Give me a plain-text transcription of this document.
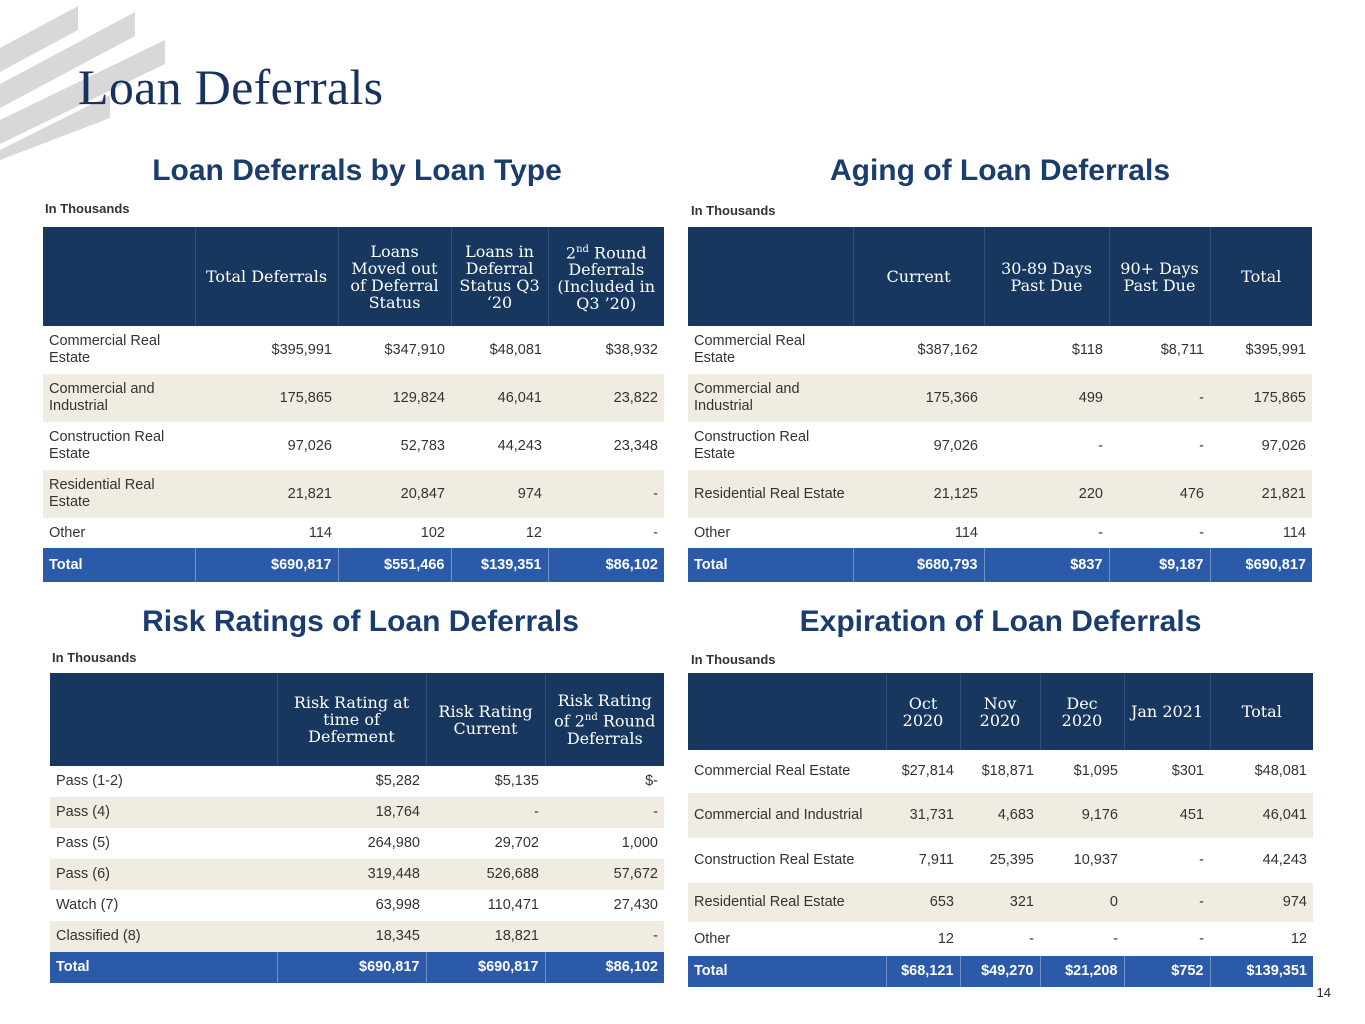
Loan Deferrals
Loan Deferrals by Loan Type
In Thousands
	Total Deferrals	Loans Moved out of Deferral Status	Loans in Deferral Status Q3 ‘20	2nd Round Deferrals (Included in Q3 ’20)
Commercial Real Estate	$395,991	$347,910	$48,081	$38,932
Commercial and Industrial	175,865	129,824	46,041	23,822
Construction Real Estate	97,026	52,783	44,243	23,348
Residential Real Estate	21,821	20,847	974	-
Other	114	102	12	-
Total	$690,817	$551,466	$139,351	$86,102
Aging of Loan Deferrals
In Thousands
	Current	30-89 Days Past Due	90+ Days Past Due	Total
Commercial Real Estate	$387,162	$118	$8,711	$395,991
Commercial and Industrial	175,366	499	-	175,865
Construction Real Estate	97,026	-	-	97,026
Residential Real Estate	21,125	220	476	21,821
Other	114	-	-	114
Total	$680,793	$837	$9,187	$690,817
Risk Ratings of Loan Deferrals
In Thousands
	Risk Rating at time of Deferment	Risk Rating Current	Risk Rating of 2nd Round Deferrals
Pass (1-2)	$5,282	$5,135	$-
Pass (4)	18,764	-	-
Pass (5)	264,980	29,702	1,000
Pass (6)	319,448	526,688	57,672
Watch (7)	63,998	110,471	27,430
Classified (8)	18,345	18,821	-
Total	$690,817	$690,817	$86,102
Expiration of Loan Deferrals
In Thousands
	Oct 2020	Nov 2020	Dec 2020	Jan 2021	Total
Commercial Real Estate	$27,814	$18,871	$1,095	$301	$48,081
Commercial and Industrial	31,731	4,683	9,176	451	46,041
Construction Real Estate	7,911	25,395	10,937	-	44,243
Residential Real Estate	653	321	0	-	974
Other	12	-	-	-	12
Total	$68,121	$49,270	$21,208	$752	$139,351
14
